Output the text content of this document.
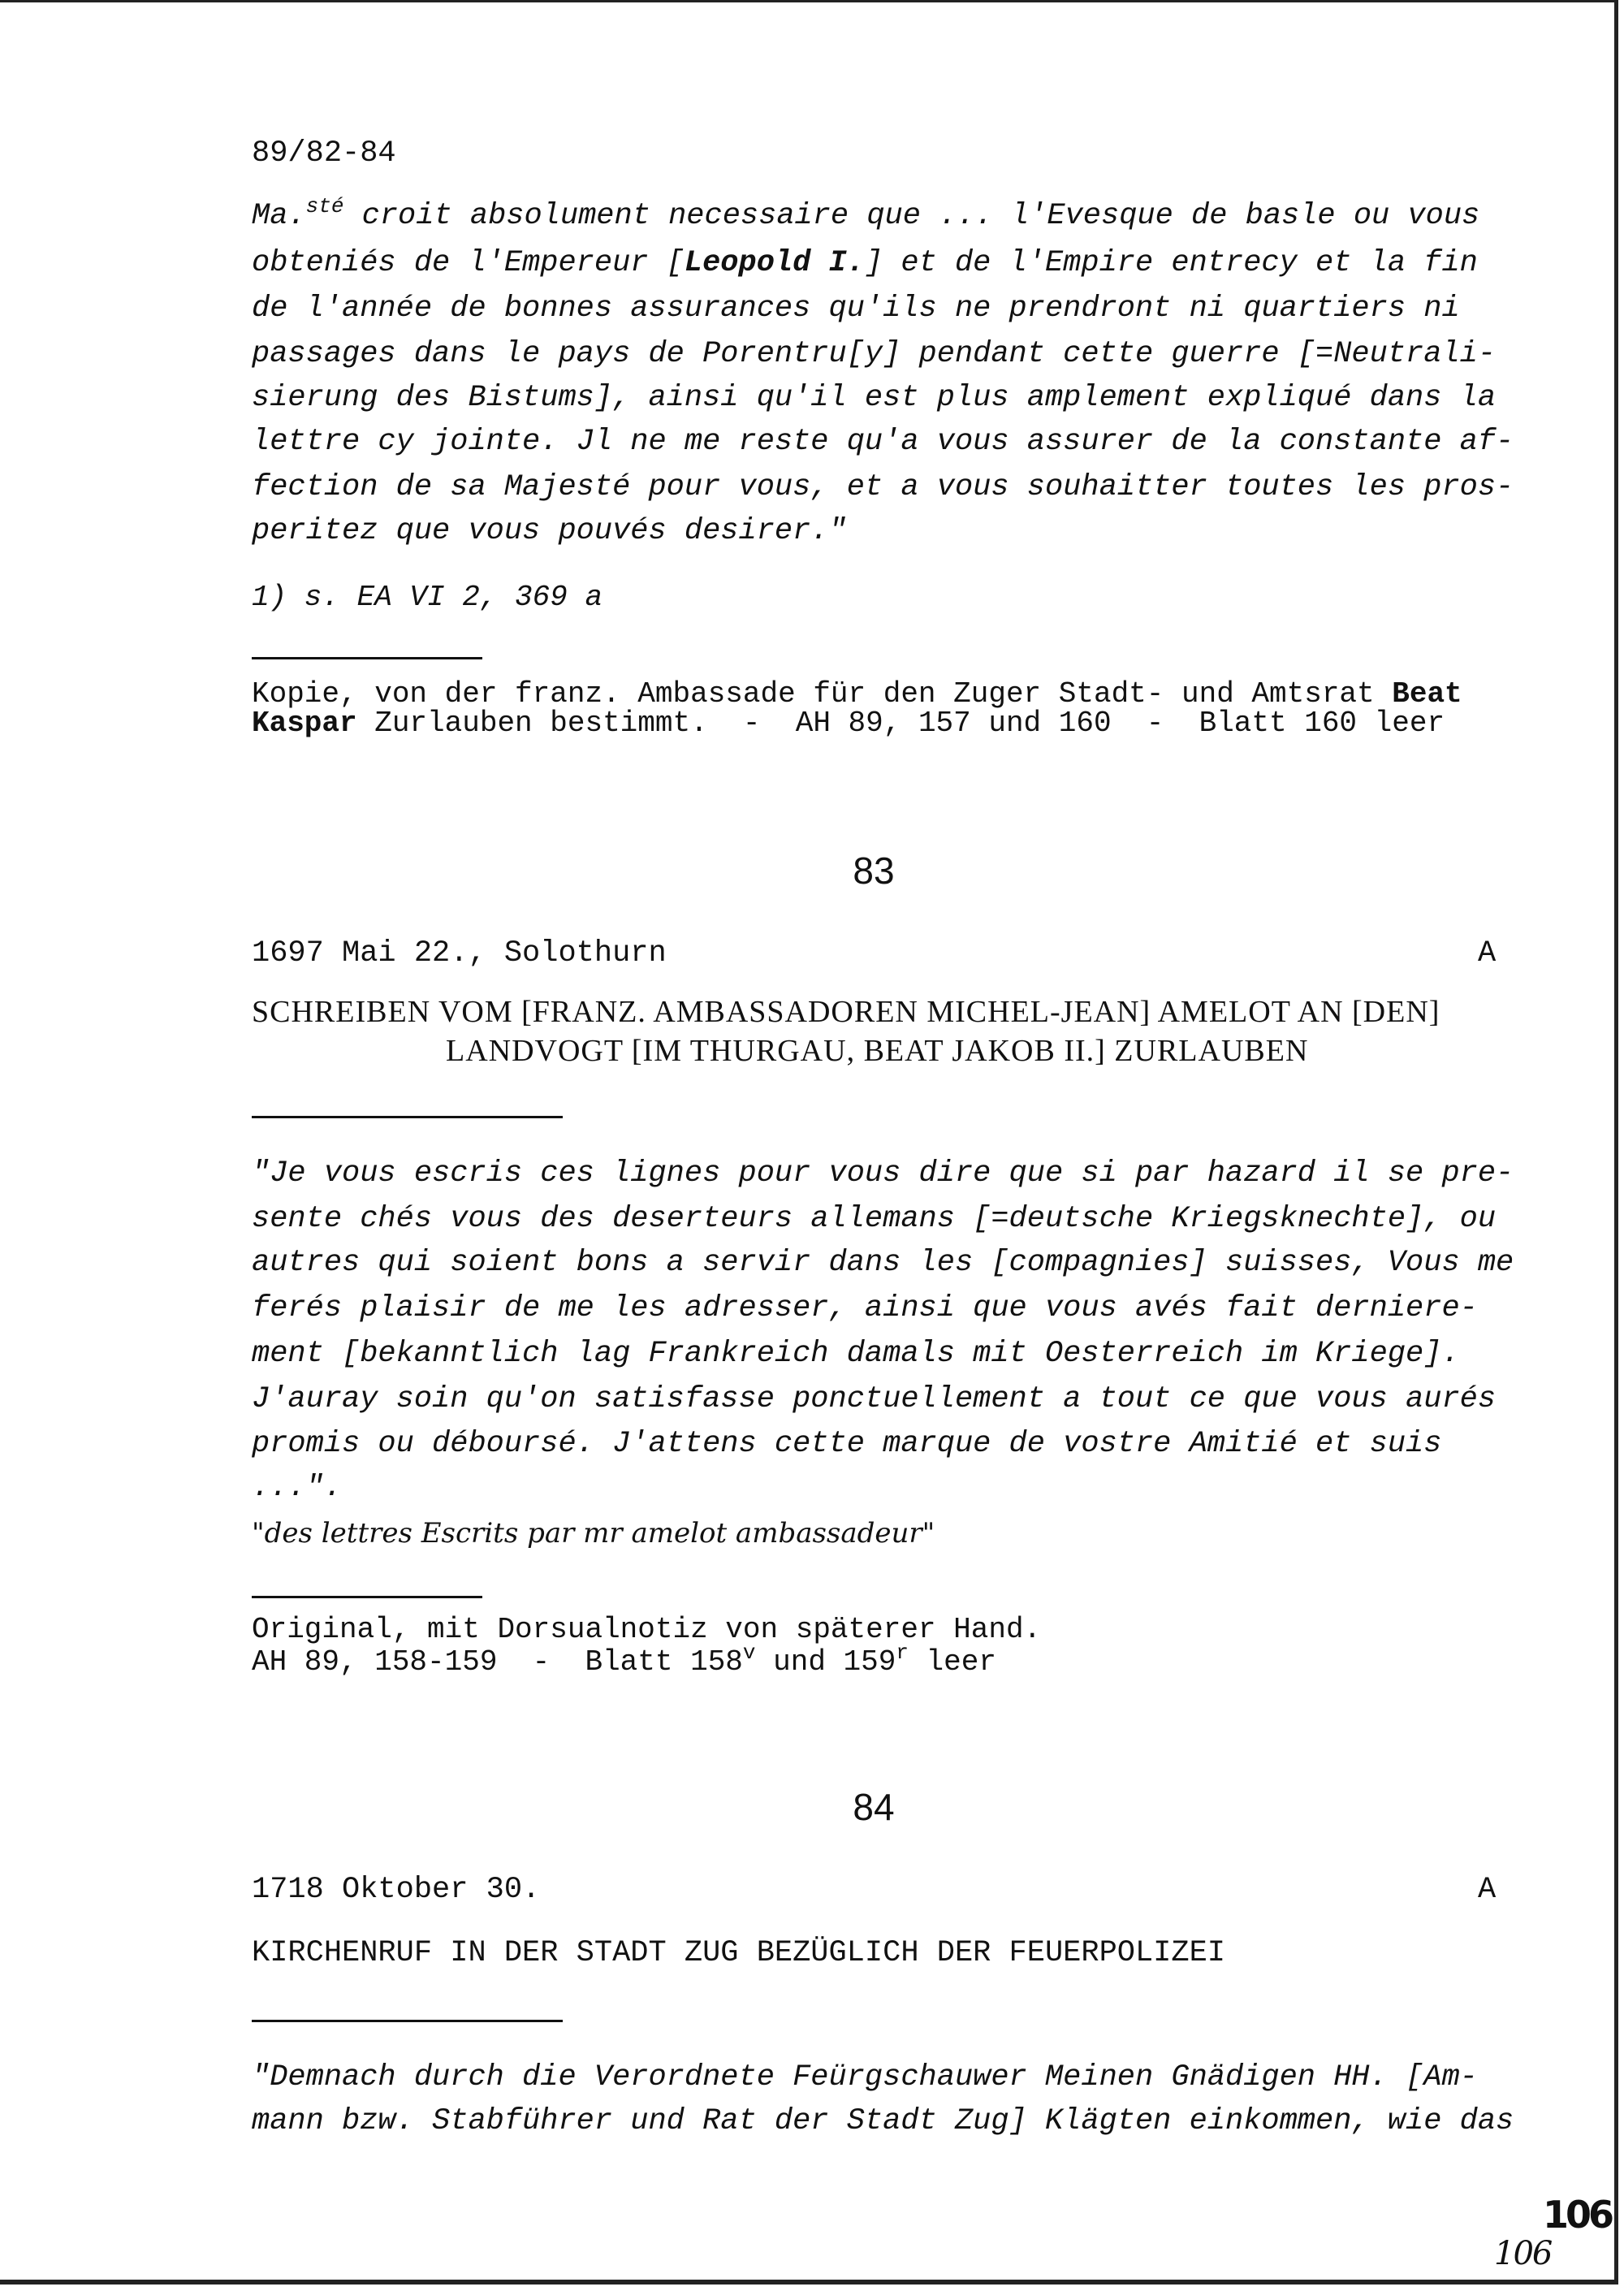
89/82-84
Ma.$^{sté}$ croit absolument necessaire que ... l'Evesque de basle ou vous
obteniés de l'Empereur [Leopold I.] et de l'Empire entrecy et la fin
de l'année de bonnes assurances qu'ils ne prendront ni quartiers ni
passages dans le pays de Porentru[y] pendant cette guerre [=Neutrali-
sierung des Bistums], ainsi qu'il est plus amplement expliqué dans la
lettre cy jointe. Jl ne me reste qu'a vous assurer de la constante af-
fection de sa Majesté pour vous, et a vous souhaitter toutes les pros-
peritez que vous pouvés desirer."
1) s. EA VI 2, 369 a
Kopie, von der franz. Ambassade für den Zuger Stadt- und Amtsrat Beat
Kaspar Zurlauben bestimmt.  -  AH 89, 157 und 160  -  Blatt 160 leer
83
1697 Mai 22., Solothurn	A
SCHREIBEN VOM [FRANZ. AMBASSADOREN MICHEL-JEAN] AMELOT AN [DEN]
LANDVOGT [IM THURGAU, BEAT JAKOB II.] ZURLAUBEN
"Je vous escris ces lignes pour vous dire que si par hazard il se pre-
sente chés vous des deserteurs allemans [=deutsche Kriegsknechte], ou
autres qui soient bons a servir dans les [compagnies] suisses, Vous me
ferés plaisir de me les adresser, ainsi que vous avés fait derniere-
ment [bekanntlich lag Frankreich damals mit Oesterreich im Kriege].
J'auray soin qu'on satisfasse ponctuellement a tout ce que vous aurés
promis ou déboursé. J'attens cette marque de vostre Amitié et suis
...".
"des lettres Escrits par mr amelot ambassadeur"
Original, mit Dorsualnotiz von späterer Hand.
AH 89, 158-159  -  Blatt 158$^v$ und 159$^r$ leer
84
1718 Oktober 30.	A
KIRCHENRUF IN DER STADT ZUG BEZÜGLICH DER FEUERPOLIZEI
"Demnach durch die Verordnete Feürgschauwer Meinen Gnädigen HH. [Am-
mann bzw. Stabführer und Rat der Stadt Zug] Klägten einkommen, wie das
106
106
